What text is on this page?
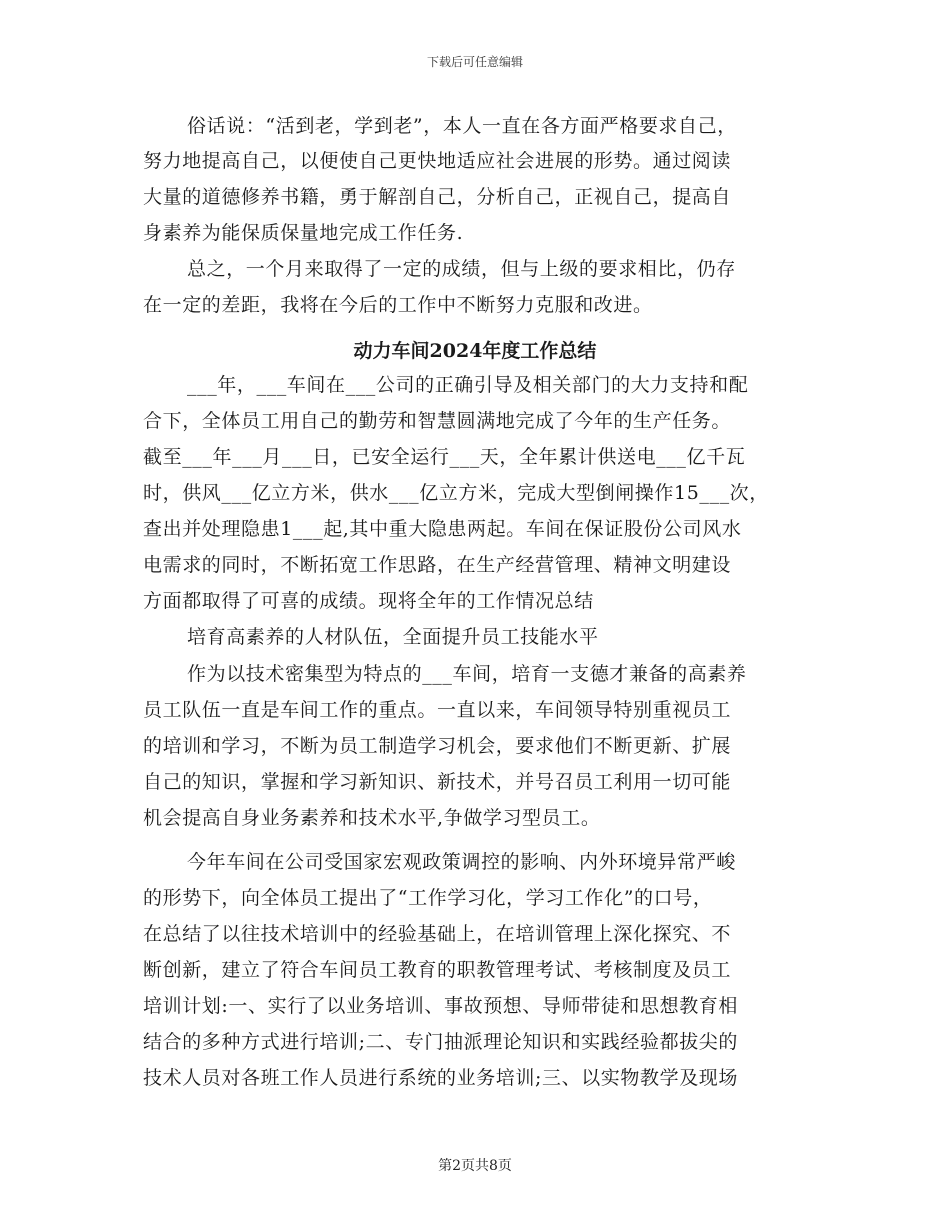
下载后可任意编辑
俗话说：“活到老，学到老”，本人一直在各方面严格要求自己，
努力地提高自己，以便使自己更快地适应社会进展的形势。通过阅读
大量的道德修养书籍，勇于解剖自己，分析自己，正视自己，提高自
身素养为能保质保量地完成工作任务.
总之，一个月来取得了一定的成绩，但与上级的要求相比，仍存
在一定的差距，我将在今后的工作中不断努力克服和改进。
动力车间2024年度工作总结
___年，___车间在___公司的正确引导及相关部门的大力支持和配
合下，全体员工用自己的勤劳和智慧圆满地完成了今年的生产任务。
截至___年___月___日，已安全运行___天，全年累计供送电___亿千瓦
时，供风___亿立方米，供水___亿立方米，完成大型倒闸操作15___次，
查出并处理隐患1___起,其中重大隐患两起。车间在保证股份公司风水
电需求的同时，不断拓宽工作思路，在生产经营管理、精神文明建设
方面都取得了可喜的成绩。现将全年的工作情况总结
培育高素养的人材队伍，全面提升员工技能水平
作为以技术密集型为特点的___车间，培育一支德才兼备的高素养
员工队伍一直是车间工作的重点。一直以来，车间领导特别重视员工
的培训和学习，不断为员工制造学习机会，要求他们不断更新、扩展
自己的知识，掌握和学习新知识、新技术，并号召员工利用一切可能
机会提高自身业务素养和技术水平,争做学习型员工。
今年车间在公司受国家宏观政策调控的影响、内外环境异常严峻
的形势下，向全体员工提出了“工作学习化，学习工作化”的口号，
在总结了以往技术培训中的经验基础上，在培训管理上深化探究、不
断创新，建立了符合车间员工教育的职教管理考试、考核制度及员工
培训计划:一、实行了以业务培训、事故预想、导师带徒和思想教育相
结合的多种方式进行培训;二、专门抽派理论知识和实践经验都拔尖的
技术人员对各班工作人员进行系统的业务培训;三、以实物教学及现场
第2页共8页
